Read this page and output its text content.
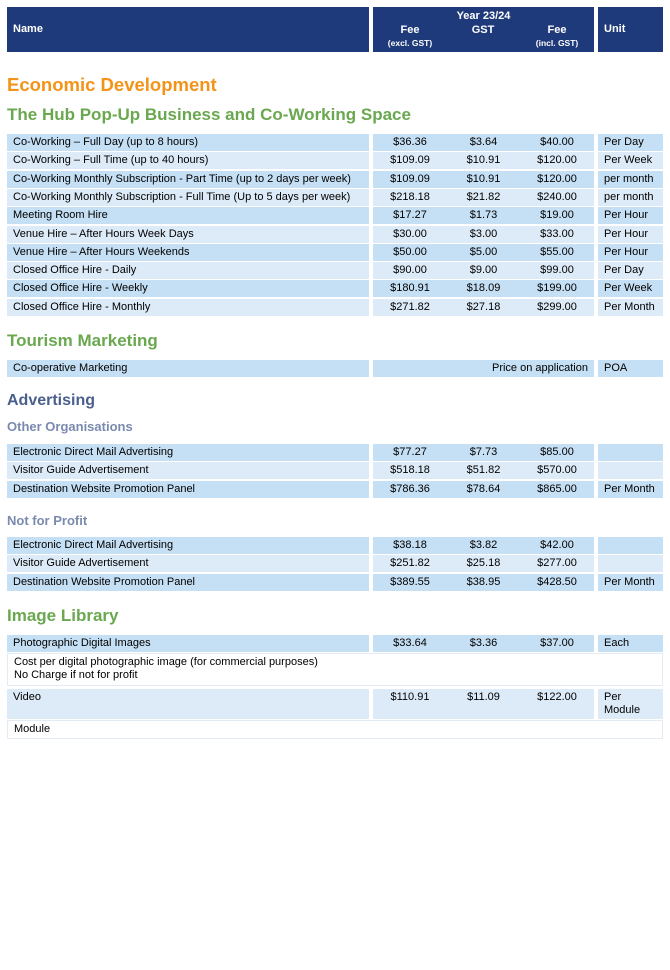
Name
Year 23/24
Fee
(excl. GST)
GST	Fee
(incl. GST)
Unit
Economic Development
The Hub Pop-Up Business and Co-Working Space
Tourism Marketing
Advertising
Other Organisations
Not for Profit
Image Library
Co-Working – Full Day (up to 8 hours)	$36.36	$3.64	$40.00	Per Day
Co-Working – Full Time (up to 40 hours)	$109.09	$10.91	$120.00	Per Week
Co-Working Monthly Subscription - Part Time (up to 2 days per week)	$109.09	$10.91	$120.00	per month
Co-Working Monthly Subscription - Full Time (Up to 5 days per week)	$218.18	$21.82	$240.00	per month
Meeting Room Hire	$17.27	$1.73	$19.00	Per Hour
Venue Hire – After Hours Week Days	$30.00	$3.00	$33.00	Per Hour
Venue Hire – After Hours Weekends	$50.00	$5.00	$55.00	Per Hour
Closed Office Hire - Daily	$90.00	$9.00	$99.00	Per Day
Closed Office Hire - Weekly	$180.91	$18.09	$199.00	Per Week
Closed Office Hire - Monthly	$271.82	$27.18	$299.00	Per Month
Electronic Direct Mail Advertising	$77.27	$7.73	$85.00
Visitor Guide Advertisement	$518.18	$51.82	$570.00
Destination Website Promotion Panel	$786.36	$78.64	$865.00	Per Month
Electronic Direct Mail Advertising	$38.18	$3.82	$42.00
Visitor Guide Advertisement	$251.82	$25.18	$277.00
Destination Website Promotion Panel	$389.55	$38.95	$428.50	Per Month
Co-operative Marketing	Price on application	POA
Photographic Digital Images	$33.64	$3.36	$37.00	Each
Cost per digital photographic image (for commercial purposes)
No Charge if not for profit
Video	$110.91	$11.09	$122.00	Per
Module
Module
